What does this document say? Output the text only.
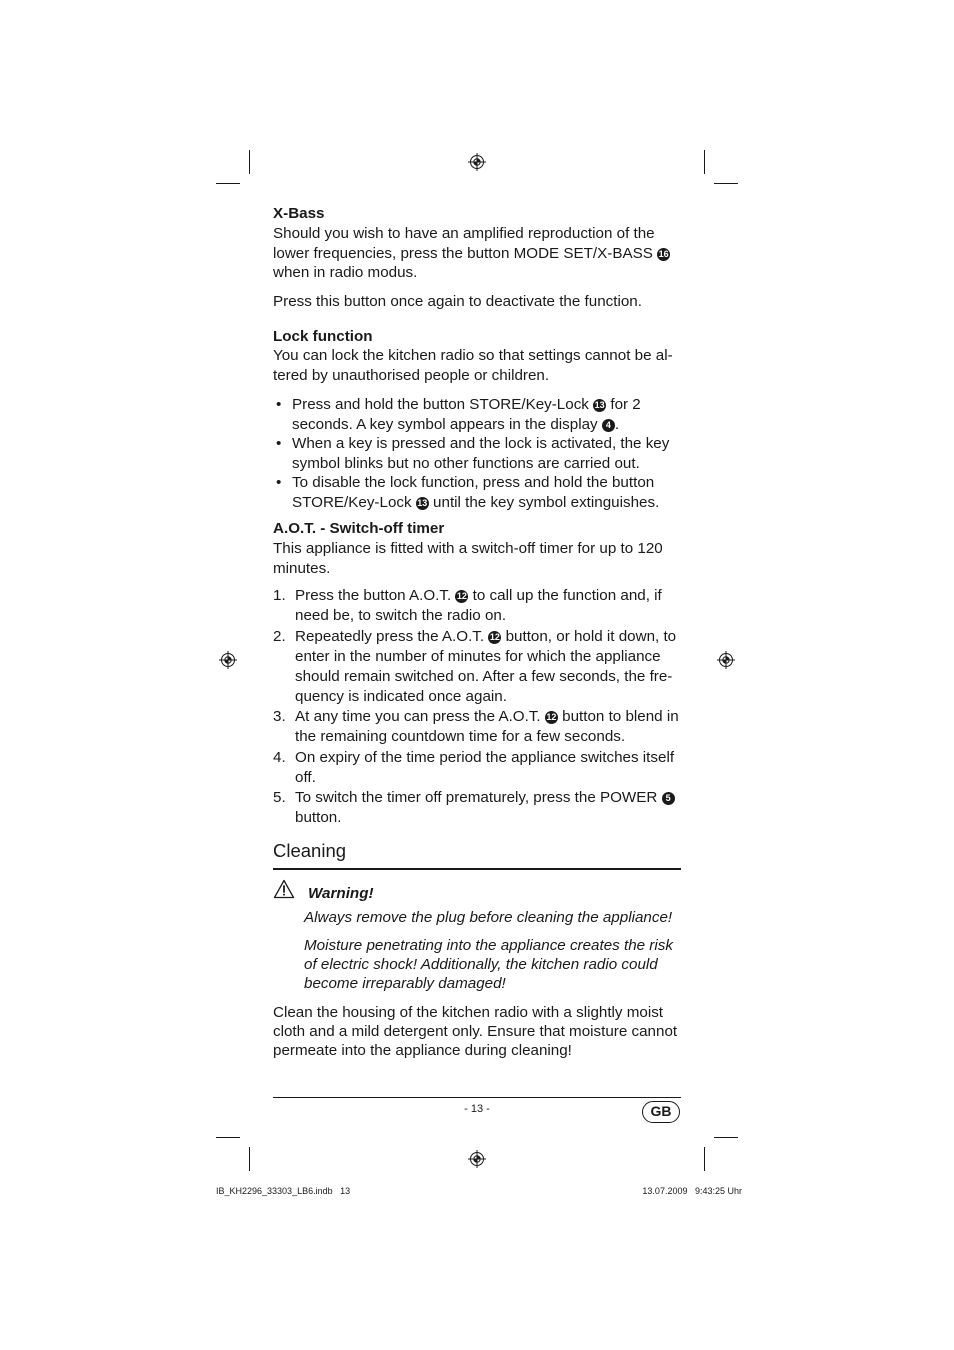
X-Bass
Should you wish to have an amplified reproduction of the lower frequencies, press the button MODE SET/X-BASS 16 when in radio modus.
Press this button once again to deactivate the function.
Lock function
You can lock the kitchen radio so that settings cannot be al-tered by unauthorised people or children.
• Press and hold the button STORE/Key-Lock 13 for 2 seconds. A key symbol appears in the display 4 .
• When a key is pressed and the lock is activated, the key symbol blinks but no other functions are carried out.
• To disable the lock function, press and hold the button STORE/Key-Lock 13 until the key symbol extinguishes.
A.O.T. - Switch-off timer
This appliance is fitted with a switch-off timer for up to 120 minutes.
1. Press the button A.O.T. 12 to call up the function and, if need be, to switch the radio on.
2. Repeatedly press the A.O.T. 12 button, or hold it down, to enter in the number of minutes for which the appliance should remain switched on. After a few seconds, the fre-quency is indicated once again.
3. At any time you can press the A.O.T. 12 button to blend in the remaining countdown time for a few seconds.
4. On expiry of the time period the appliance switches itself off.
5. To switch the timer off prematurely, press the POWER 5 button.
Cleaning
Warning!
Always remove the plug before cleaning the appliance!
Moisture penetrating into the appliance creates the risk of electric shock! Additionally, the kitchen radio could become irreparably damaged!
Clean the housing of the kitchen radio with a slightly moist cloth and a mild detergent only. Ensure that moisture cannot permeate into the appliance during cleaning!
- 13 -	GB
IB_KH2296_33303_LB6.indb   13	13.07.2009   9:43:25 Uhr
